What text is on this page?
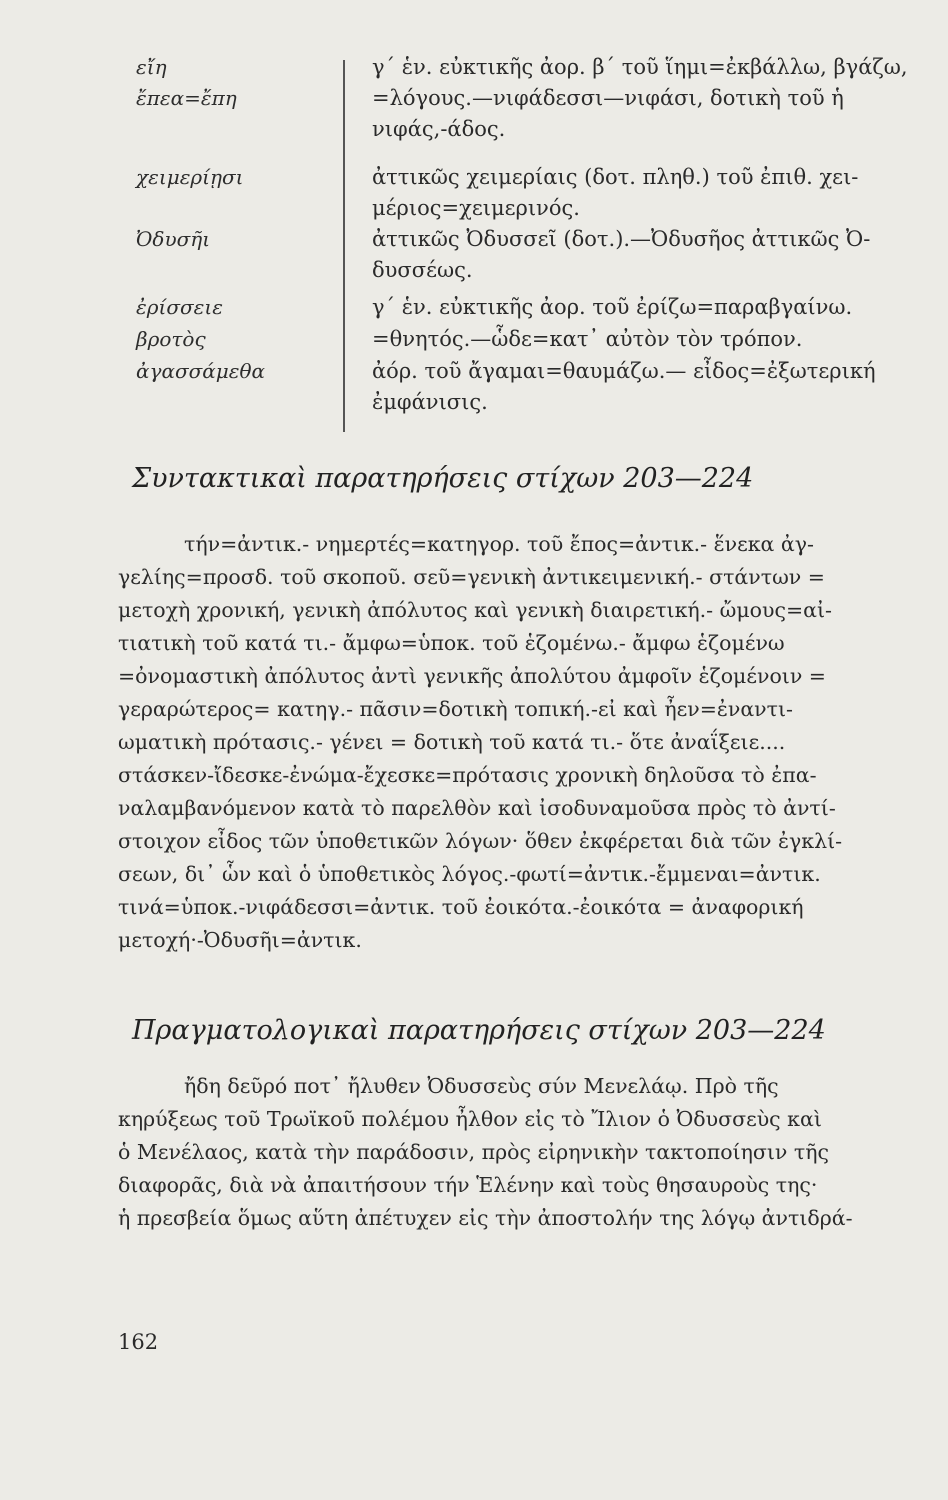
εἴη	γ΄ ἑν. εὐκτικῆς ἀορ. β΄ τοῦ ἵημι=ἐκβάλλω, βγάζω,
ἔπεα=ἔπη	=λόγους.—νιφάδεσσι—νιφάσι, δοτικὴ τοῦ ἡ
νιφάς,-άδος.
χειμερίῃσι	ἀττικῶς χειμερίαις (δοτ. πληθ.) τοῦ ἐπιθ. χει-
μέριος=χειμερινός.
Ὀδυσῆι	ἀττικῶς Ὀδυσσεῖ (δοτ.).—Ὀδυσῆος ἀττικῶς Ὀ-
δυσσέως.
ἐρίσσειε	γ΄ ἑν. εὐκτικῆς ἀορ. τοῦ ἐρίζω=παραβγαίνω.
βροτὸς	=θνητός.—ὧδε=κατ᾽ αὐτὸν τὸν τρόπον.
ἀγασσάμεθα	ἀόρ. τοῦ ἄγαμαι=θαυμάζω.— εἶδος=ἐξωτερική
ἐμφάνισις.
Συντακτικαὶ παρατηρήσεις στίχων 203—224
τήν=ἀντικ.- νημερτές=κατηγορ. τοῦ ἔπος=ἀντικ.- ἕνεκα ἀγ-
γελίης=προσδ. τοῦ σκοποῦ. σεῦ=γενικὴ ἀντικειμενική.- στάντων =
μετοχὴ χρονική, γενικὴ ἀπόλυτος καὶ γενικὴ διαιρετική.- ὤμους=αἰ-
τιατικὴ τοῦ κατά τι.- ἄμφω=ὑποκ. τοῦ ἑζομένω.- ἄμφω ἑζομένω
=ὀνομαστικὴ ἀπόλυτος ἀντὶ γενικῆς ἀπολύτου ἀμφοῖν ἑζομένοιν =
γεραρώτερος= κατηγ.- πᾶσιν=δοτικὴ τοπική.-εἰ καὶ ἦεν=ἐναντι-
ωματικὴ πρότασις.- γένει = δοτικὴ τοῦ κατά τι.- ὅτε ἀναΐξειε....
στάσκεν-ἴδεσκε-ἐνώμα-ἔχεσκε=πρότασις χρονικὴ δηλοῦσα τὸ ἐπα-
ναλαμβανόμενον κατὰ τὸ παρελθὸν καὶ ἰσοδυναμοῦσα πρὸς τὸ ἀντί-
στοιχον εἶδος τῶν ὑποθετικῶν λόγων· ὅθεν ἐκφέρεται διὰ τῶν ἐγκλί-
σεων, δι᾽ ὧν καὶ ὁ ὑποθετικὸς λόγος.-φωτί=ἀντικ.-ἔμμεναι=ἀντικ.
τινά=ὑποκ.-νιφάδεσσι=ἀντικ. τοῦ ἐοικότα.-ἐοικότα = ἀναφορική
μετοχή·-Ὀδυσῆι=ἀντικ.
Πραγματολογικαὶ παρατηρήσεις στίχων 203—224
ἤδη δεῦρό ποτ᾽ ἤλυθεν Ὀδυσσεὺς σύν Μενελάῳ. Πρὸ τῆς
κηρύξεως τοῦ Τρωϊκοῦ πολέμου ἦλθον εἰς τὸ Ἴλιον ὁ Ὀδυσσεὺς καὶ
ὁ Μενέλαος, κατὰ τὴν παράδοσιν, πρὸς εἰρηνικὴν τακτοποίησιν τῆς
διαφορᾶς, διὰ νὰ ἀπαιτήσουν τήν Ἑλένην καὶ τοὺς θησαυροὺς της·
ἡ πρεσβεία ὅμως αὕτη ἀπέτυχεν εἰς τὴν ἀποστολήν της λόγῳ ἀντιδρά-
162
